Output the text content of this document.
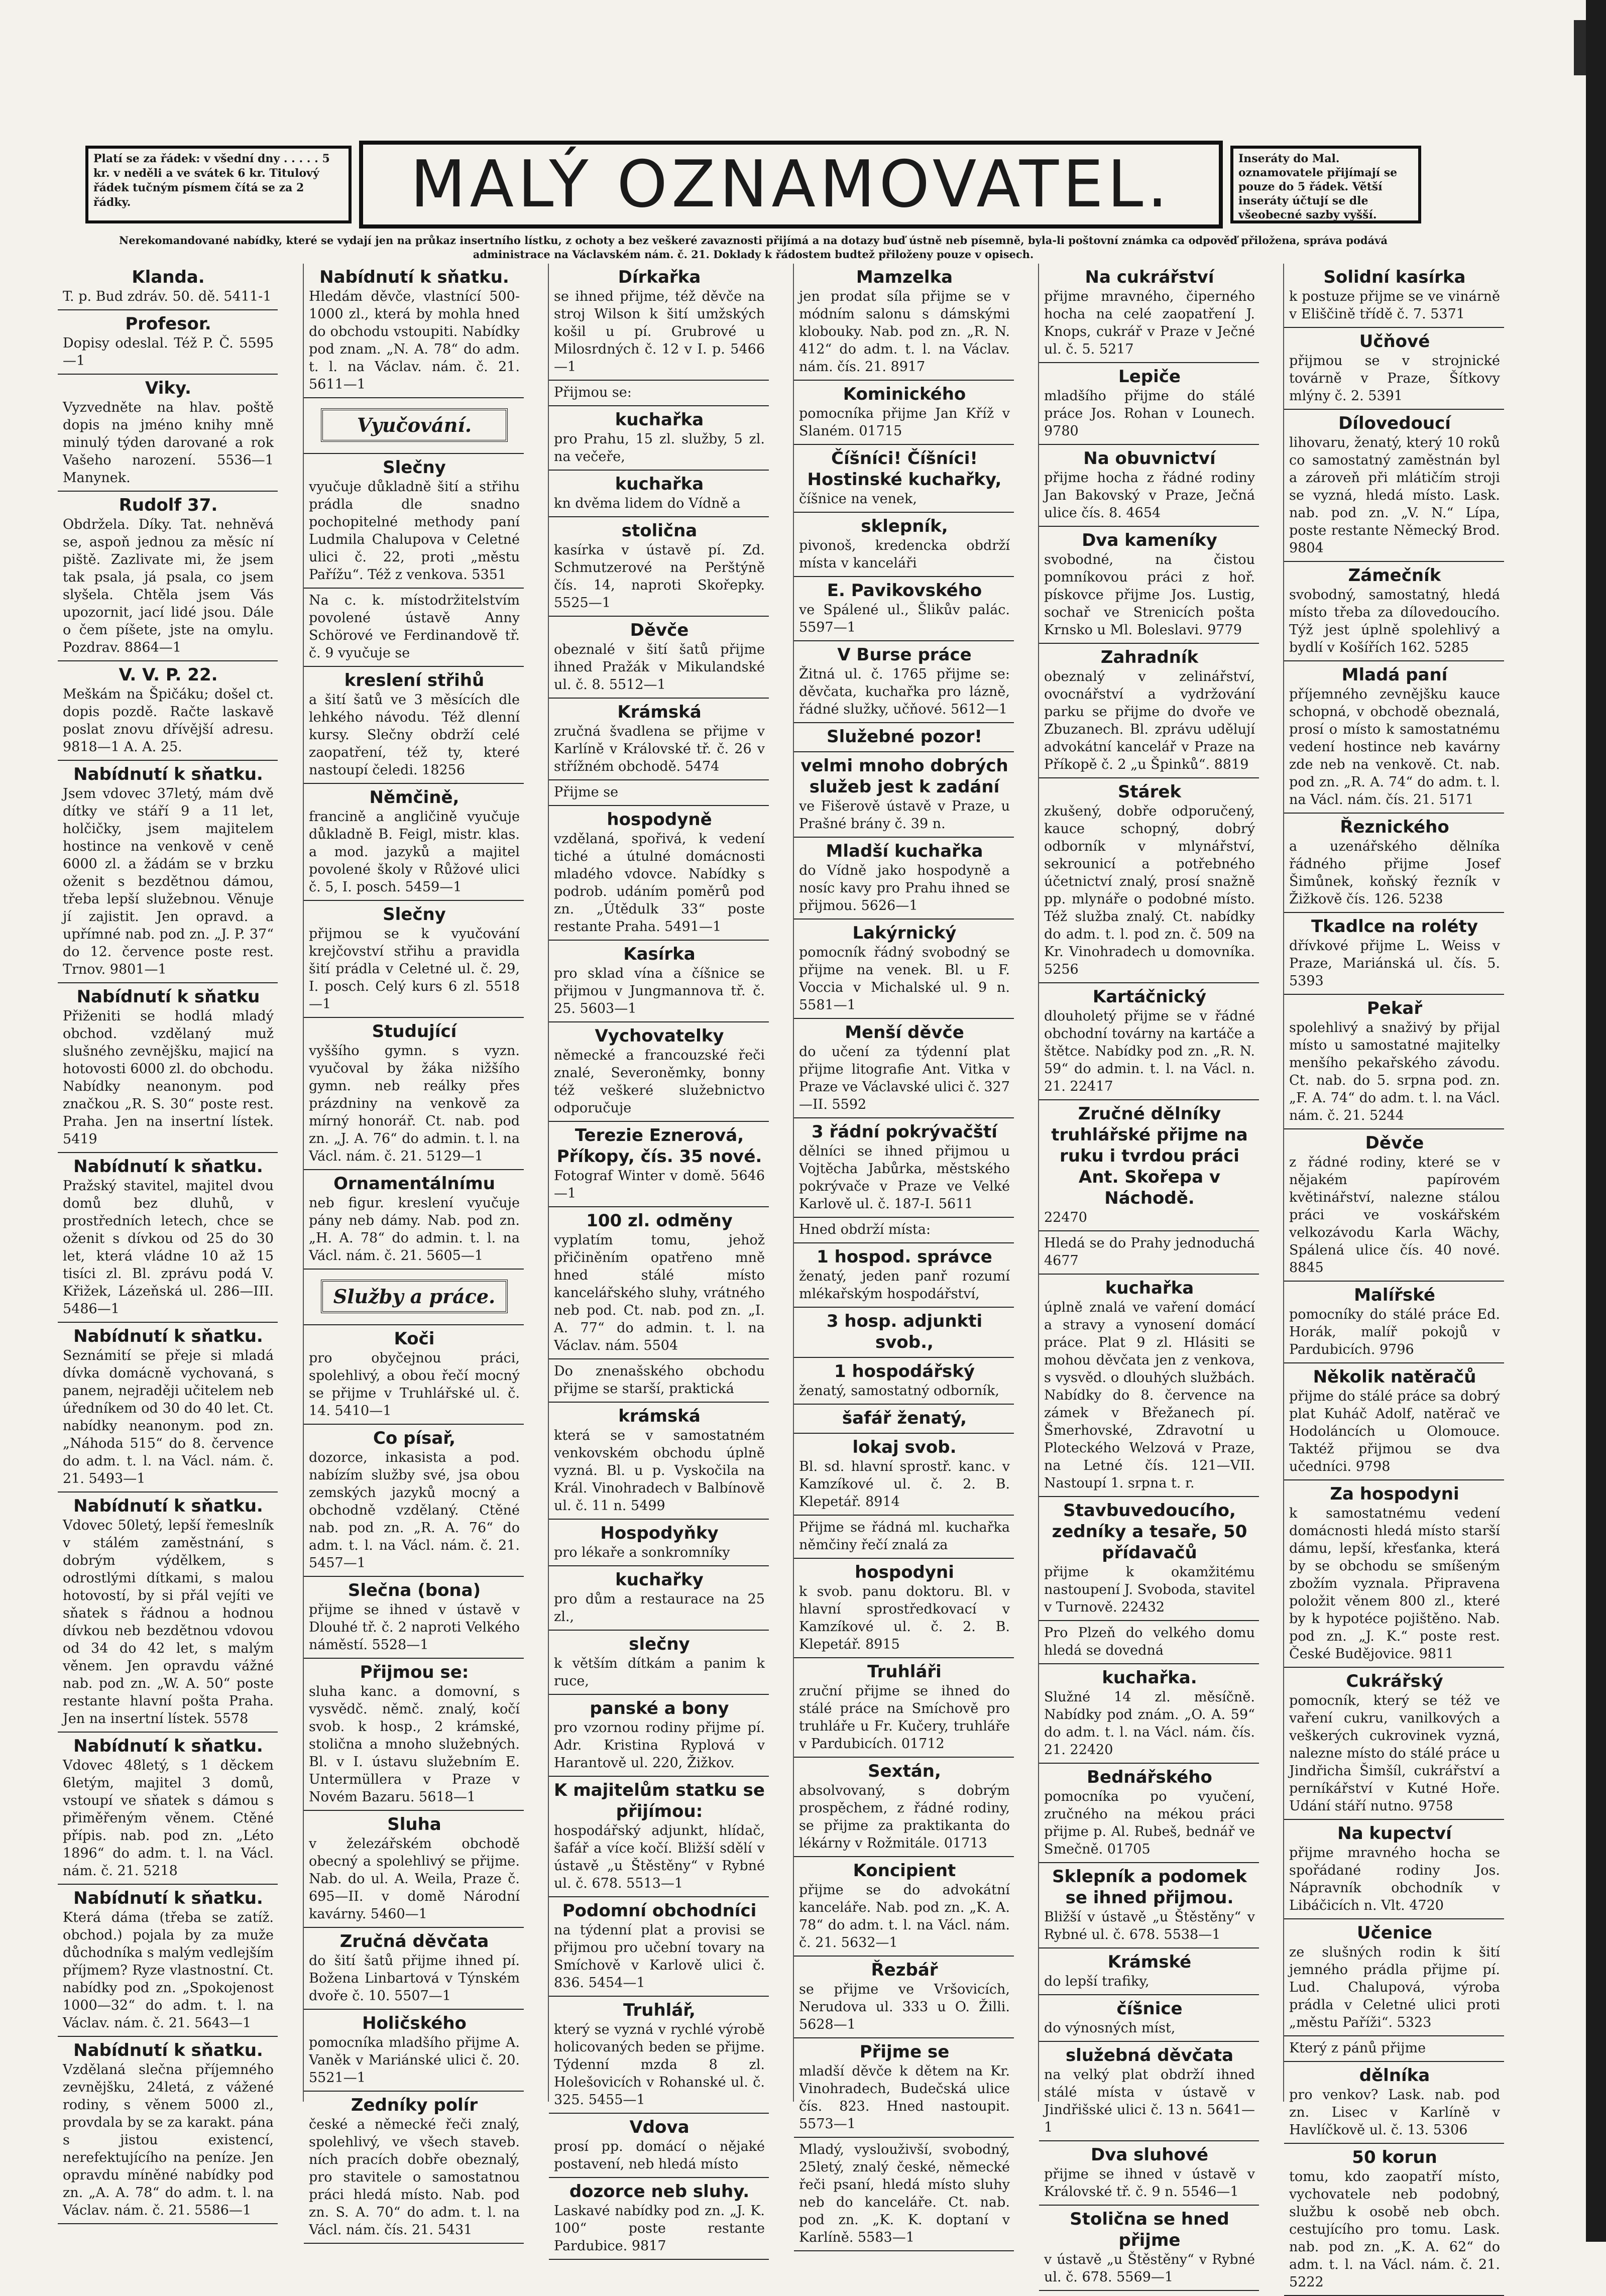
Platí se za řádek: v všední dny . . . . . 5 kr. v neděli a ve svátek 6 kr. Titulový řádek tučným písmem čítá se za 2 řádky.	MALÝ OZNAMOVATEL.	Inseráty do Mal. oznamovatele přijímají se pouze do 5 řádek. Větší inseráty účtují se dle všeobecné sazby vyšší.
Nerekomandované nabídky, které se vydají jen na průkaz insertního lístku, z ochoty a bez veškeré zavaznosti přijímá a na dotazy buď ústně neb písemně, byla-li poštovní známka ca odpověď přiložena, správa podává administrace na Václavském nám. č. 21. Doklady k řádostem budtež přiloženy pouze v opisech.
Klanda.
T. p. Bud zdráv. 50. dě. 5411-1
Profesor.
Dopisy odeslal. Též P. Č. 5595—1
Viky.
Vyzvedněte na hlav. poště dopis na jméno knihy mně minulý týden darované a rok Vašeho narození. 5536—1 Manynek.
Rudolf 37.
Obdržela. Díky. Tat. nehněvá se, aspoň jednou za měsíc ní piště. Zazlivate mi, že jsem tak psala, já psala, co jsem slyšela. Chtěla jsem Vás upozornit, jací lidé jsou. Dále o čem píšete, jste na omylu. Pozdrav. 8864—1
V. V. P. 22.
Meškám na Špičáku; došel ct. dopis pozdě. Račte laskavě poslat znovu dřívější adresu. 9818—1 A. A. 25.
Nabídnutí k sňatku.
Jsem vdovec 37letý, mám dvě dítky ve stáří 9 a 11 let, holčičky, jsem majitelem hostince na venkově v ceně 6000 zl. a žádám se v brzku oženit s bezdětnou dámou, třeba lepší služebnou. Věnuje jí zajistit. Jen opravd. a upřímné nab. pod zn. „J. P. 37“ do 12. července poste rest. Trnov. 9801—1
Nabídnutí k sňatku
Přiženiti se hodlá mladý obchod. vzdělaný muž slušného zevnějšku, majicí na hotovosti 6000 zl. do obchodu. Nabídky neanonym. pod značkou „R. S. 30“ poste rest. Praha. Jen na insertní lístek. 5419
Nabídnutí k sňatku.
Pražský stavitel, majitel dvou domů bez dluhů, v prostředních letech, chce se oženit s dívkou od 25 do 30 let, která vládne 10 až 15 tisíci zl. Bl. zprávu podá V. Křižek, Lázeňská ul. 286—III. 5486—1
Nabídnutí k sňatku.
Seznámití se přeje si mladá dívka domácně vychovaná, s panem, nejraději učitelem neb úředníkem od 30 do 40 let. Ct. nabídky neanonym. pod zn. „Náhoda 515“ do 8. července do adm. t. l. na Václ. nám. č. 21. 5493—1
Nabídnutí k sňatku.
Vdovec 50letý, lepší řemeslník v stálém zaměstnání, s dobrým výdělkem, s odrostlými dítkami, s malou hotovostí, by si přál vejíti ve sňatek s řádnou a hodnou dívkou neb bezdětnou vdovou od 34 do 42 let, s malým věnem. Jen opravdu vážné nab. pod zn. „W. A. 50“ poste restante hlavní pošta Praha. Jen na insertní lístek. 5578
Nabídnutí k sňatku.
Vdovec 48letý, s 1 děckem 6letým, majitel 3 domů, vstoupí ve sňatek s dámou s přiměřeným věnem. Ctěné přípis. nab. pod zn. „Léto 1896“ do adm. t. l. na Václ. nám. č. 21. 5218
Nabídnutí k sňatku.
Která dáma (třeba se zatíž. obchod.) pojala by za muže důchodníka s malým vedlejším příjmem? Ryze vlastnostní. Ct. nabídky pod zn. „Spokojenost 1000—32“ do adm. t. l. na Václav. nám. č. 21. 5643—1
Nabídnutí k sňatku.
Vzdělaná slečna příjemného zevnějšku, 24letá, z vážené rodiny, s věnem 5000 zl., provdala by se za karakt. pána s jistou existencí, nerefektujícího na peníze. Jen opravdu míněné nabídky pod zn. „A. A. 78“ do adm. t. l. na Václav. nám. č. 21. 5586—1
Nabídnutí k sňatku.
Hledám děvče, vlastnící 500-1000 zl., která by mohla hned do obchodu vstoupiti. Nabídky pod znam. „N. A. 78“ do adm. t. l. na Václav. nám. č. 21. 5611—1
Vyučování.
Slečny
vyučuje důkladně šití a střihu prádla dle snadno pochopitelné methody paní Ludmila Chalupova v Celetné ulici č. 22, proti „městu Pařížu“. Též z venkova. 5351
Na c. k. místodržitelstvím povolené ústavě Anny Schörové ve Ferdinandově tř. č. 9 vyučuje se
kreslení střihů
a šití šatů ve 3 měsících dle lehkého návodu. Též dlenní kursy. Slečny obdrží celé zaopatření, též ty, které nastoupí čeledi. 18256
Němčině,
francině a angličině vyučuje důkladně B. Feigl, mistr. klas. a mod. jazyků a majitel povolené školy v Růžové ulici č. 5, I. posch. 5459—1
Slečny
přijmou se k vyučování krejčovství střihu a pravidla šití prádla v Celetné ul. č. 29, I. posch. Celý kurs 6 zl. 5518—1
Studující
vyššího gymn. s vyzn. vyučoval by žáka nižšího gymn. neb reálky přes prázdniny na venkově za mírný honorář. Ct. nab. pod zn. „J. A. 76“ do admin. t. l. na Václ. nám. č. 21. 5129—1
Ornamentálnímu
neb figur. kreslení vyučuje pány neb dámy. Nab. pod zn. „H. A. 78“ do admin. t. l. na Václ. nám. č. 21. 5605—1
Služby a práce.
Koči
pro obyčejnou práci, spolehlivý, a obou řečí mocný se přijme v Truhlářské ul. č. 14. 5410—1
Co písař,
dozorce, inkasista a pod. nabízím služby své, jsa obou zemských jazyků mocný a obchodně vzdělaný. Ctěné nab. pod zn. „R. A. 76“ do adm. t. l. na Václ. nám. č. 21. 5457—1
Slečna (bona)
přijme se ihned v ústavě v Dlouhé tř. č. 2 naproti Velkého náměstí. 5528—1
Přijmou se:
sluha kanc. a domovní, s vysvědč. němč. znalý, kočí svob. k hosp., 2 krámské, stolična a mnoho služebných. Bl. v I. ústavu služebním E. Untermüllera v Praze v Novém Bazaru. 5618—1
Sluha
v železářském obchodě obecný a spolehlivý se přijme. Nab. do ul. A. Weila, Praze č. 695—II. v domě Národní kavárny. 5460—1
Zručná děvčata
do šití šatů přijme ihned pí. Božena Linbartová v Týnském dvoře č. 10. 5507—1
Holičského
pomocníka mladšího přijme A. Vaněk v Mariánské ulici č. 20. 5521—1
Zedníky polír
české a německé řeči znalý, spolehlivý, ve všech staveb. ních pracích dobře obeznalý, pro stavitele o samostatnou práci hledá místo. Nab. pod zn. S. A. 70“ do adm. t. l. na Václ. nám. čís. 21. 5431
Dírkařka
se ihned přijme, též děvče na stroj Wilson k šití umžských košil u pí. Grubrové u Milosrdných č. 12 v I. p. 5466—1
Přijmou se:
kuchařka
pro Prahu, 15 zl. služby, 5 zl. na večeře,
kuchařka
kn dvěma lidem do Vídně a
stolična
kasírka v ústavě pí. Zd. Schmutzerové na Perštýně čís. 14, naproti Skořepky. 5525—1
Děvče
obeznalé v šití šatů přijme ihned Pražák v Mikulandské ul. č. 8. 5512—1
Krámská
zručná švadlena se přijme v Karlíně v Královské tř. č. 26 v střížném obchodě. 5474
Přijme se
hospodyně
vzdělaná, spořivá, k vedení tiché a útulné domácnosti mladého vdovce. Nabídky s podrob. udáním poměrů pod zn. „Útědulk 33“ poste restante Praha. 5491—1
Kasírka
pro sklad vína a číšnice se přijmou v Jungmannova tř. č. 25. 5603—1
Vychovatelky
německé a francouzské řeči znalé, Severoněmky, bonny též veškeré služebnictvo odporučuje
Terezie Eznerová, Příkopy, čís. 35 nové.
Fotograf Winter v domě. 5646—1
100 zl. odměny
vyplatím tomu, jehož přičiněním opatřeno mně hned stálé místo kancelářského sluhy, vrátného neb pod. Ct. nab. pod zn. „I. A. 77“ do admin. t. l. na Václav. nám. 5504
Do znenašského obchodu přijme se starší, praktická
krámská
která se v samostatném venkovském obchodu úplně vyzná. Bl. u p. Vyskočila na Král. Vinohradech v Balbínově ul. č. 11 n. 5499
Hospodyňky
pro lékaře a sonkromníky
kuchařky
pro dům a restaurace na 25 zl.,
slečny
k větším dítkám a panim k ruce,
panské a bony
pro vzornou rodiny přijme pí. Adr. Kristina Ryplová v Harantově ul. 220, Žižkov.
K majitelům statku se přijímou:
hospodářský adjunkt, hlídač, šafář a více kočí. Bližší sdělí v ústavě „u Štěstěny“ v Rybné ul. č. 678. 5513—1
Podomní obchodníci
na týdenní plat a provisi se přijmou pro učební tovary na Smíchově v Karlově ulici č. 836. 5454—1
Truhlář,
který se vyzná v rychlé výrobě holicovaných beden se přijme. Týdenní mzda 8 zl. Holešovicích v Rohanské ul. č. 325. 5455—1
Vdova
prosí pp. domácí o nějaké postavení, neb hledá místo
dozorce neb sluhy.
Laskavé nabídky pod zn. „J. K. 100“ poste restante Pardubice. 9817
Mamzelka
jen prodat síla přijme se v módním salonu s dámskými klobouky. Nab. pod zn. „R. N. 412“ do adm. t. l. na Václav. nám. čís. 21. 8917
Kominického
pomocníka přijme Jan Kříž v Slaném. 01715
Číšníci! Číšníci! Hostinské kuchařky,
číšnice na venek,
sklepník,
pivonoš, kredencka obdrží místa v kanceláři
E. Pavikovského
ve Spálené ul., Šlikův palác. 5597—1
V Burse práce
Žitná ul. č. 1765 přijme se: děvčata, kuchařka pro lázně, řádné služky, učňové. 5612—1
Služebné pozor!
velmi mnoho dobrých služeb jest k zadání
ve Fišerově ústavě v Praze, u Prašné brány č. 39 n.
Mladší kuchařka
do Vídně jako hospodyně a nosíc kavy pro Prahu ihned se přijmou. 5626—1
Lakýrnický
pomocník řádný svobodný se přijme na venek. Bl. u F. Voccia v Michalské ul. 9 n. 5581—1
Menší děvče
do učení za týdenní plat přijme litografie Ant. Vitka v Praze ve Václavské ulici č. 327—II. 5592
3 řádní pokrývačští
dělníci se ihned přijmou u Vojtěcha Jabůrka, městského pokrývače v Praze ve Velké Karlově ul. č. 187-I. 5611
Hned obdrží místa:
1 hospod. správce
ženatý, jeden panř rozumí mlékařským hospodářství,
3 hosp. adjunkti svob.,
1 hospodářský
ženatý, samostatný odborník,
šafář ženatý,
lokaj svob.
Bl. sd. hlavní sprostř. kanc. v Kamzíkové ul. č. 2. B. Klepetář. 8914
Přijme se řádná ml. kuchařka němčiny řečí znalá za
hospodyni
k svob. panu doktoru. Bl. v hlavní sprostředkovací v Kamzíkové ul. č. 2. B. Klepetář. 8915
Truhláři
zruční přijme se ihned do stálé práce na Smíchově pro truhláře u Fr. Kučery, truhláře v Pardubicích. 01712
Sextán,
absolvovaný, s dobrým prospěchem, z řádné rodiny, se přijme za praktikanta do lékárny v Rožmitále. 01713
Koncipient
přijme se do advokátní kanceláře. Nab. pod zn. „K. A. 78“ do adm. t. l. na Václ. nám. č. 21. 5632—1
Řezbář
se přijme ve Vršovicích, Nerudova ul. 333 u O. Žilli. 5628—1
Přijme se
mladší děvče k dětem na Kr. Vinohradech, Budečská ulice čís. 823. Hned nastoupit. 5573—1
Mladý, vyslouživší, svobodný, 25letý, znalý české, německé řeči psaní, hledá místo sluhy neb do kanceláře. Ct. nab. pod zn. „K. K. doptaní v Karlíně. 5583—1
Na cukrářství
přijme mravného, čiperného hocha na celé zaopatření J. Knops, cukrář v Praze v Ječné ul. č. 5. 5217
Lepiče
mladšího přijme do stálé práce Jos. Rohan v Lounech. 9780
Na obuvnictví
přijme hocha z řádné rodiny Jan Bakovský v Praze, Ječná ulice čís. 8. 4654
Dva kameníky
svobodné, na čistou pomníkovou práci z hoř. pískovce přijme Jos. Lustig, sochař ve Strenicích pošta Krnsko u Ml. Boleslavi. 9779
Zahradník
obeznalý v zelinářství, ovocnářství a vydržování parku se přijme do dvoře ve Zbuzanech. Bl. zprávu udělují advokátní kancelář v Praze na Příkopě č. 2 „u Špinků“. 8819
Stárek
zkušený, dobře odporučený, kauce schopný, dobrý odborník v mlynářství, sekrounicí a potřebného účetnictví znalý, prosí snažně pp. mlynáře o podobné místo. Též služba znalý. Ct. nabídky do adm. t. l. pod zn. č. 509 na Kr. Vinohradech u domovníka. 5256
Kartáčnický
dlouholetý přijme se v řádné obchodní továrny na kartáče a štětce. Nabídky pod zn. „R. N. 59“ do admin. t. l. na Václ. n. 21. 22417
Zručné dělníky truhlářské přijme na ruku i tvrdou práci Ant. Skořepa v Náchodě.
22470
Hledá se do Prahy jednoduchá 4677
kuchařka
úplně znalá ve vaření domácí a stravy a vynosení domácí práce. Plat 9 zl. Hlásiti se mohou děvčata jen z venkova, s vysvěd. o dlouhých službách. Nabídky do 8. července na zámek v Břežanech pí. Šmerhovské, Zdravotní u Ploteckého Welzová v Praze, na Letné čís. 121—VII. Nastoupí 1. srpna t. r.
Stavbuvedoucího, zedníky a tesaře, 50 přídavačů
přijme k okamžitému nastoupení J. Svoboda, stavitel v Turnově. 22432
Pro Plzeň do velkého domu hledá se dovedná
kuchařka.
Služné 14 zl. měsíčně. Nabídky pod znám. „O. A. 59“ do adm. t. l. na Václ. nám. čís. 21. 22420
Bednářského
pomocníka po vyučení, zručného na mékou práci přijme p. Al. Rubeš, bednář ve Smečně. 01705
Sklepník a podomek se ihned přijmou.
Bližší v ústavě „u Štěstěny“ v Rybné ul. č. 678. 5538—1
Krámské
do lepší trafiky,
číšnice
do výnosných míst,
služebná děvčata
na velký plat obdrží ihned stálé místa v ústavě v Jindřišské ulici č. 13 n. 5641—1
Dva sluhové
přijme se ihned v ústavě v Královské tř. č. 9 n. 5546—1
Stolična se hned přijme
v ústavě „u Štěstěny“ v Rybné ul. č. 678. 5569—1
Solidní kasírka
k postuze přijme se ve vinárně v Eliščině třídě č. 7. 5371
Učňové
přijmou se v strojnické továrně v Praze, Šítkovy mlýny č. 2. 5391
Dílovedoucí
lihovaru, ženatý, který 10 roků co samostatný zaměstnán byl a zároveň při mlátičím stroji se vyzná, hledá místo. Lask. nab. pod zn. „V. N.“ Lípa, poste restante Německý Brod. 9804
Zámečník
svobodný, samostatný, hledá místo třeba za dílovedoucího. Týž jest úplně spolehlivý a bydlí v Košířích 162. 5285
Mladá paní
příjemného zevnějšku kauce schopná, v obchodě obeznalá, prosí o místo k samostatnému vedení hostince neb kavárny zde neb na venkově. Ct. nab. pod zn. „R. A. 74“ do adm. t. l. na Václ. nám. čís. 21. 5171
Řeznického
a uzenářského dělníka řádného přijme Josef Šimůnek, koňský řezník v Žižkově čís. 126. 5238
Tkadlce na roléty
dřívkové přijme L. Weiss v Praze, Mariánská ul. čís. 5. 5393
Pekař
spolehlivý a snaživý by přijal místo u samostatné majitelky menšího pekařského závodu. Ct. nab. do 5. srpna pod. zn. „F. A. 74“ do adm. t. l. na Václ. nám. č. 21. 5244
Děvče
z řádné rodiny, které se v nějakém papírovém květinářství, nalezne stálou práci ve voskářském velkozávodu Karla Wächy, Spálená ulice čís. 40 nové. 8845
Malířské
pomocníky do stálé práce Ed. Horák, malíř pokojů v Pardubicích. 9796
Několik natěračů
přijme do stálé práce sa dobrý plat Kuháč Adolf, natěrač ve Hodoláncích u Olomouce. Taktéž přijmou se dva učedníci. 9798
Za hospodyni
k samostatnému vedení domácnosti hledá místo starší dámu, lepší, křesťanka, která by se obchodu se smíšeným zbožím vyznala. Připravena položit věnem 800 zl., které by k hypotéce pojištěno. Nab. pod zn. „J. K.“ poste rest. České Budějovice. 9811
Cukrářský
pomocník, který se též ve vaření cukru, vanilkových a veškerých cukrovinek vyzná, nalezne místo do stálé práce u Jindřicha Šimšíl, cukrářství a perníkářství v Kutné Hoře. Udání stáří nutno. 9758
Na kupectví
přijme mravného hocha se spořádané rodiny Jos. Nápravník obchodník v Libáčicích n. Vlt. 4720
Učenice
ze slušných rodin k šití jemného prádla přijme pí. Lud. Chalupová, výroba prádla v Celetné ulici proti „městu Paříži“. 5323
Který z pánů přijme
dělníka
pro venkov? Lask. nab. pod zn. Lisec v Karlíně v Havlíčkově ul. č. 13. 5306
50 korun
tomu, kdo zaopatří místo, vychovatele neb podobný, službu k osobě neb obch. cestujícího pro tomu. Lask. nab. pod zn. „K. A. 62“ do adm. t. l. na Václ. nám. č. 21. 5222
